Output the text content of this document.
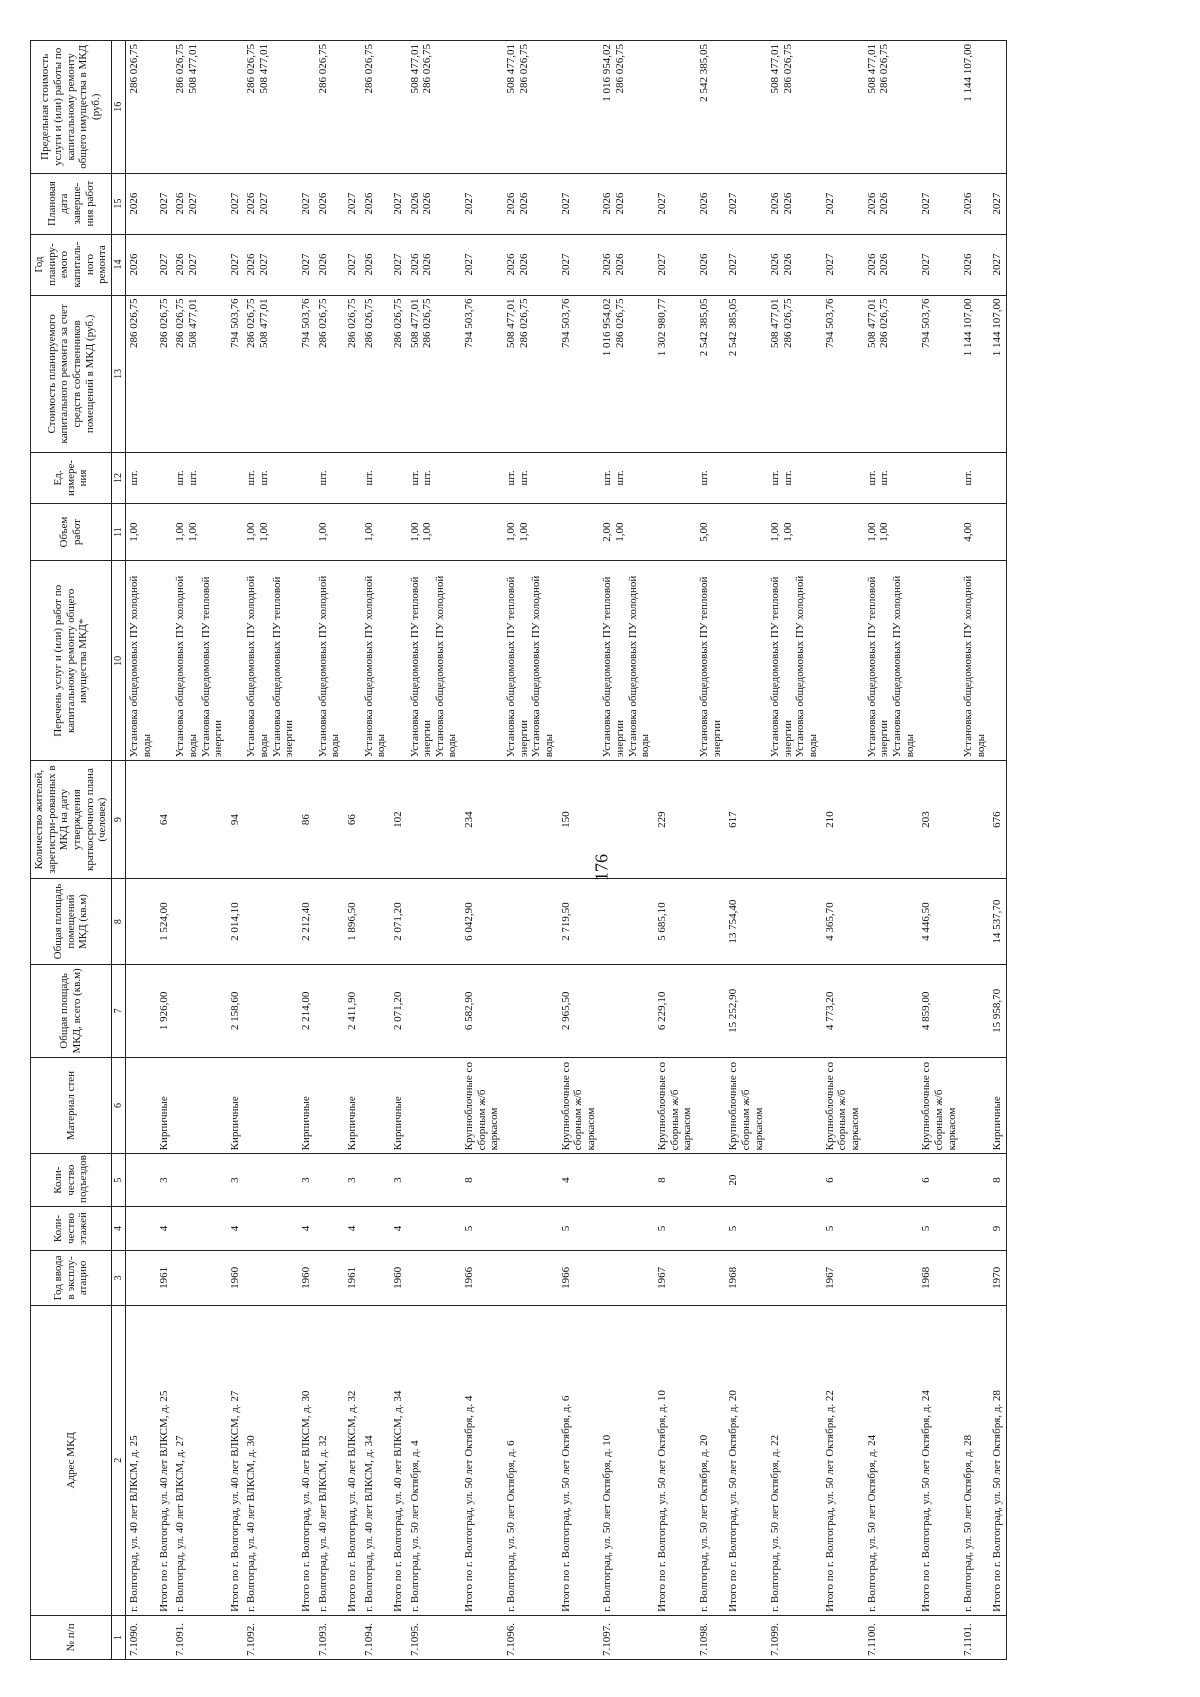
176
№ п/п	Адрес МКД	Год ввода в эксплу-атацию	Коли-чество этажей	Коли-чество подъездов	Материал стен	Общая площадь МКД, всего (кв.м)	Общая площадь помещений МКД (кв.м)	Количество жителей, зарегистри-рованных в МКД на дату утверждения краткосрочного плана (человек)	Перечень услуг и (или) работ по капитальному ремонту общего имущества МКД*	Объем работ	Ед. измере-ния	Стоимость планируемого капитального ремонта за счет средств собственников помещений в МКД (руб.)	Год планиру-емого капиталь-ного ремонта	Плановая дата заверше-ния работ	Предельная стоимость услуги и (или) работы по капитальному ремонту общего имущества в МКД (руб.)
1	2	3	4	5	6	7	8	9	10	11	12	13	14	15	16
7.1090.	г. Волгоград, ул. 40 лет ВЛКСМ, д. 25								Установка общедомовых ПУ холодной воды	1,00	шт.	286 026,75	2026	2026	286 026,75

	Итого по г. Волгоград, ул. 40 лет ВЛКСМ, д. 25	1961	4	3	Кирпичные	1 926,00	1 524,00	64				286 026,75	2027	2027	

7.1091.	г. Волгоград, ул. 40 лет ВЛКСМ, д. 27								Установка общедомовых ПУ холодной воды Установка общедомовых ПУ тепловой энергии	1,00 1,00	шт. шт.	286 026,75 508 477,01	2026 2027	2026 2027	286 026,75 508 477,01

	Итого по г. Волгоград, ул. 40 лет ВЛКСМ, д. 27	1960	4	3	Кирпичные	2 158,60	2 014,10	94				794 503,76	2027	2027	

7.1092.	г. Волгоград, ул. 40 лет ВЛКСМ, д. 30								Установка общедомовых ПУ холодной воды Установка общедомовых ПУ тепловой энергии	1,00 1,00	шт. шт.	286 026,75 508 477,01	2026 2027	2026 2027	286 026,75 508 477,01

	Итого по г. Волгоград, ул. 40 лет ВЛКСМ, д. 30	1960	4	3	Кирпичные	2 214,00	2 212,40	86				794 503,76	2027	2027	

7.1093.	г. Волгоград, ул. 40 лет ВЛКСМ, д. 32								Установка общедомовых ПУ холодной воды	1,00	шт.	286 026,75	2026	2026	286 026,75

	Итого по г. Волгоград, ул. 40 лет ВЛКСМ, д. 32	1961	4	3	Кирпичные	2 411,90	1 896,50	66				286 026,75	2027	2027	

7.1094.	г. Волгоград, ул. 40 лет ВЛКСМ, д. 34								Установка общедомовых ПУ холодной воды	1,00	шт.	286 026,75	2026	2026	286 026,75

	Итого по г. Волгоград, ул. 40 лет ВЛКСМ, д. 34	1960	4	3	Кирпичные	2 071,20	2 071,20	102				286 026,75	2027	2027	

7.1095.	г. Волгоград, ул. 50 лет Октября, д. 4								Установка общедомовых ПУ тепловой энергии Установка общедомовых ПУ холодной воды	1,00 1,00	шт. шт.	508 477,01 286 026,75	2026 2026	2026 2026	508 477,01 286 026,75

	Итого по г. Волгоград, ул. 50 лет Октября, д. 4	1966	5	8	Крупноблочные со сборным ж/б каркасом	6 582,90	6 042,90	234				794 503,76	2027	2027	

7.1096.	г. Волгоград, ул. 50 лет Октября, д. 6								Установка общедомовых ПУ тепловой энергии Установка общедомовых ПУ холодной воды	1,00 1,00	шт. шт.	508 477,01 286 026,75	2026 2026	2026 2026	508 477,01 286 026,75

	Итого по г. Волгоград, ул. 50 лет Октября, д. 6	1966	5	4	Крупноблочные со сборным ж/б каркасом	2 965,50	2 719,50	150				794 503,76	2027	2027	

7.1097.	г. Волгоград, ул. 50 лет Октября, д. 10								Установка общедомовых ПУ тепловой энергии Установка общедомовых ПУ холодной воды	2,00 1,00	шт. шт.	1 016 954,02 286 026,75	2026 2026	2026 2026	1 016 954,02 286 026,75

	Итого по г. Волгоград, ул. 50 лет Октября, д. 10	1967	5	8	Крупноблочные со сборным ж/б каркасом	6 229,10	5 685,10	229				1 302 980,77	2027	2027	

7.1098.	г. Волгоград, ул. 50 лет Октября, д. 20								Установка общедомовых ПУ тепловой энергии	5,00	шт.	2 542 385,05	2026	2026	2 542 385,05

	Итого по г. Волгоград, ул. 50 лет Октября, д. 20	1968	5	20	Крупноблочные со сборным ж/б каркасом	15 252,90	13 754,40	617				2 542 385,05	2027	2027	

7.1099.	г. Волгоград, ул. 50 лет Октября, д. 22								Установка общедомовых ПУ тепловой энергии Установка общедомовых ПУ холодной воды	1,00 1,00	шт. шт.	508 477,01 286 026,75	2026 2026	2026 2026	508 477,01 286 026,75

	Итого по г. Волгоград, ул. 50 лет Октября, д. 22	1967	5	6	Крупноблочные со сборным ж/б каркасом	4 773,20	4 365,70	210				794 503,76	2027	2027	

7.1100.	г. Волгоград, ул. 50 лет Октября, д. 24								Установка общедомовых ПУ тепловой энергии Установка общедомовых ПУ холодной воды	1,00 1,00	шт. шт.	508 477,01 286 026,75	2026 2026	2026 2026	508 477,01 286 026,75

	Итого по г. Волгоград, ул. 50 лет Октября, д. 24	1968	5	6	Крупноблочные со сборным ж/б каркасом	4 859,00	4 446,50	203				794 503,76	2027	2027	

7.1101.	г. Волгоград, ул. 50 лет Октября, д. 28								Установка общедомовых ПУ холодной воды	4,00	шт.	1 144 107,00	2026	2026	1 144 107,00

	Итого по г. Волгоград, ул. 50 лет Октября, д. 28	1970	9	8	Кирпичные	15 958,70	14 537,70	676				1 144 107,00	2027	2027	
